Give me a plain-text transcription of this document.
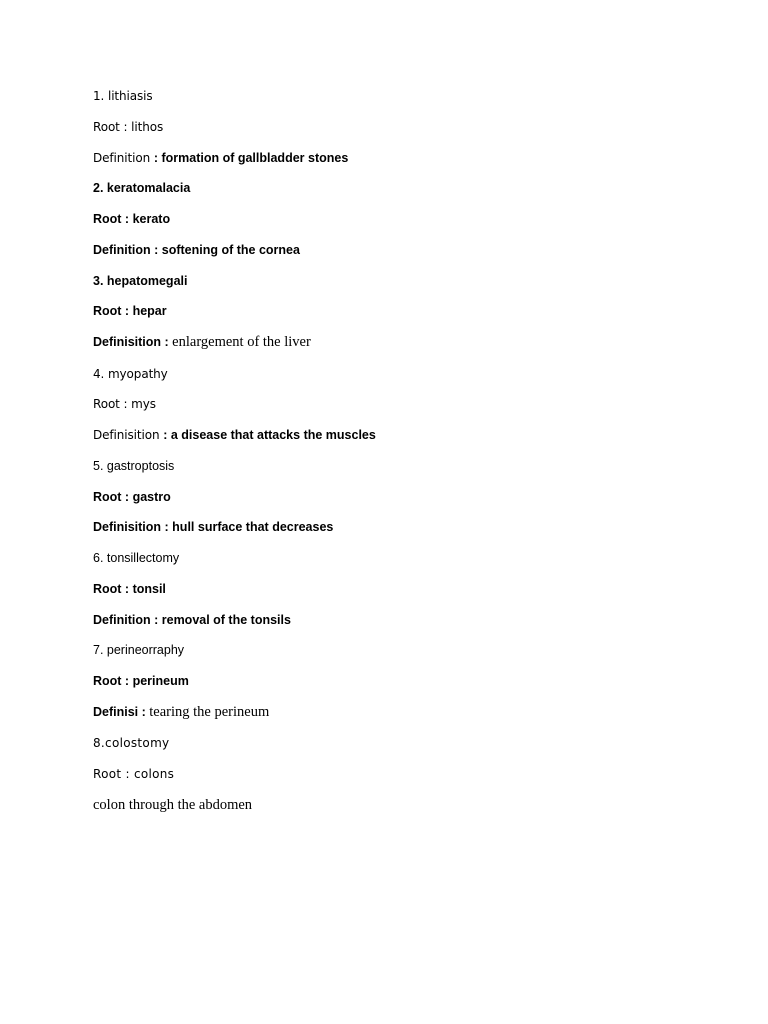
1. lithiasis
Root : lithos
Definition : formation of gallbladder stones
2. keratomalacia
Root : kerato
Definition : softening of the cornea
3. hepatomegali
Root : hepar
Definisition : enlargement of the liver
4. myopathy
Root : mys
Definisition : a disease that attacks the muscles
5. gastroptosis
Root : gastro
Definisition : hull surface that decreases
6. tonsillectomy
Root : tonsil
Definition : removal of the tonsils
7. perineorraphy
Root : perineum
Definisi : tearing the perineum
8.colostomy
Root : colons
colon through the abdomen
